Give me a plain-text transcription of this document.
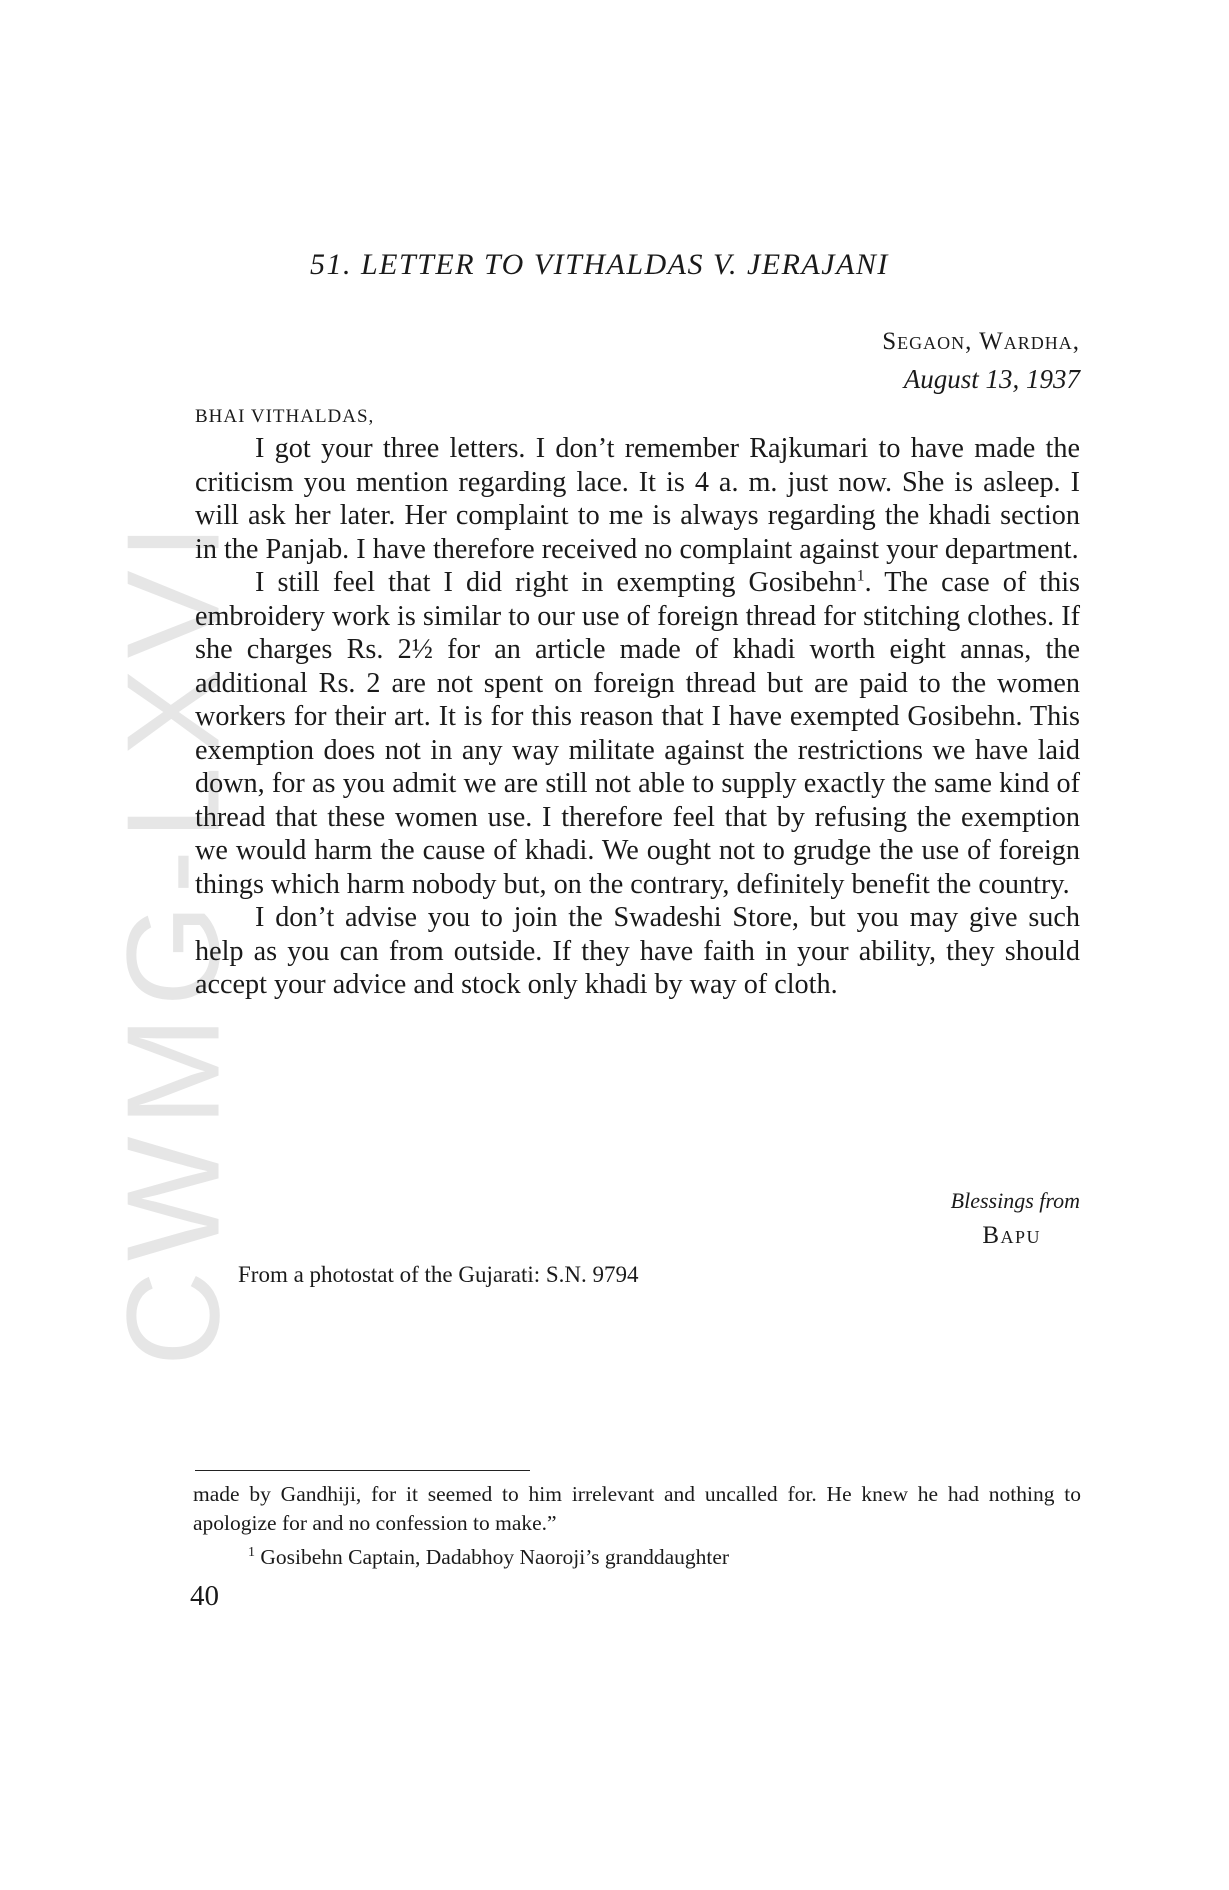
CWMG-LXVI
51. LETTER TO VITHALDAS V. JERAJANI
Segaon, Wardha,
August 13, 1937
BHAI VITHALDAS,

I got your three letters. I don’t remember Rajkumari to have made the criticism you mention regarding lace. It is 4 a. m. just now. She is asleep. I will ask her later. Her complaint to me is always regarding the khadi section in the Panjab. I have therefore received no complaint against your department.

I still feel that I did right in exempting Gosibehn$^1$. The case of this embroidery work is similar to our use of foreign thread for stitching clothes. If she charges Rs. 2½ for an article made of khadi worth eight annas, the additional Rs. 2 are not spent on foreign thread but are paid to the women workers for their art. It is for this reason that I have exempted Gosibehn. This exemption does not in any way militate against the restrictions we have laid down, for as you admit we are still not able to supply exactly the same kind of thread that these women use. I therefore feel that by refusing the exemption we would harm the cause of khadi. We ought not to grudge the use of foreign things which harm nobody but, on the contrary, definitely benefit the country.

I don’t advise you to join the Swadeshi Store, but you may give such help as you can from outside. If they have faith in your ability, they should accept your advice and stock only khadi by way of cloth.

Blessings from
Bapu
From a photostat of the Gujarati: S.N. 9794
made by Gandhiji, for it seemed to him irrelevant and uncalled for. He knew he had nothing to apologize for and no confession to make.”
$^1$ Gosibehn Captain, Dadabhoy Naoroji’s granddaughter
40
